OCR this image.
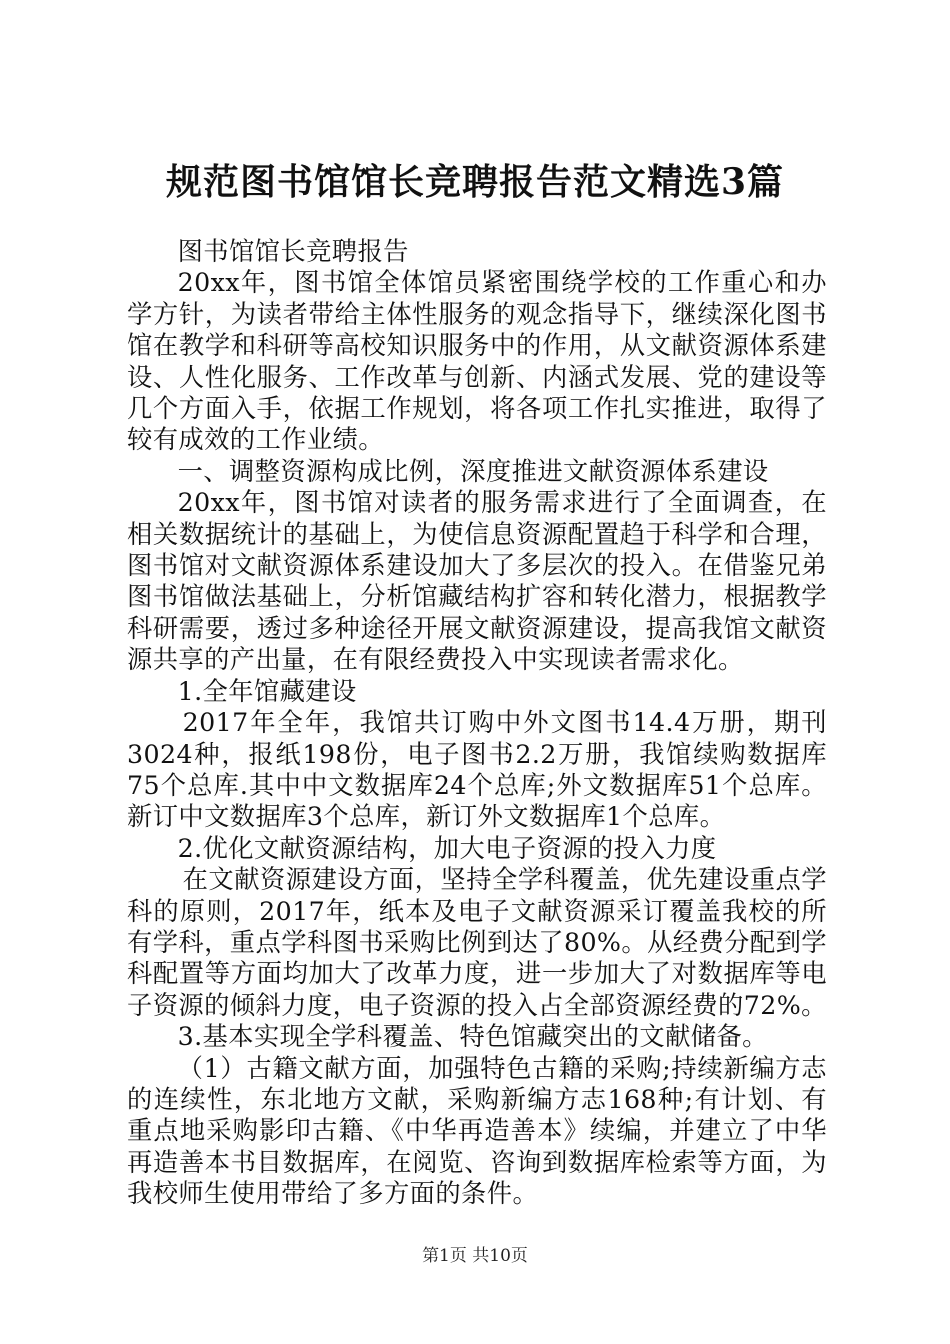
规范图书馆馆长竞聘报告范文精选3篇

图书馆馆长竞聘报告

20xx年，图书馆全体馆员紧密围绕学校的工作重心和办学方针，为读者带给主体性服务的观念指导下，继续深化图书馆在教学和科研等高校知识服务中的作用，从文献资源体系建设、人性化服务、工作改革与创新、内涵式发展、党的建设等几个方面入手，依据工作规划，将各项工作扎实推进，取得了较有成效的工作业绩。

一、调整资源构成比例，深度推进文献资源体系建设

20xx年，图书馆对读者的服务需求进行了全面调查，在相关数据统计的基础上，为使信息资源配置趋于科学和合理，图书馆对文献资源体系建设加大了多层次的投入。在借鉴兄弟图书馆做法基础上，分析馆藏结构扩容和转化潜力，根据教学科研需要，透过多种途径开展文献资源建设，提高我馆文献资源共享的产出量，在有限经费投入中实现读者需求化。

1.全年馆藏建设

2017年全年，我馆共订购中外文图书14.4万册，期刊3024种，报纸198份，电子图书2.2万册，我馆续购数据库75个总库.其中中文数据库24个总库;外文数据库51个总库。新订中文数据库3个总库，新订外文数据库1个总库。

2.优化文献资源结构，加大电子资源的投入力度

在文献资源建设方面，坚持全学科覆盖，优先建设重点学科的原则，2017年，纸本及电子文献资源采订覆盖我校的所有学科，重点学科图书采购比例到达了80%。从经费分配到学科配置等方面均加大了改革力度，进一步加大了对数据库等电子资源的倾斜力度，电子资源的投入占全部资源经费的72%。

3.基本实现全学科覆盖、特色馆藏突出的文献储备。

（1）古籍文献方面，加强特色古籍的采购;持续新编方志的连续性，东北地方文献，采购新编方志168种;有计划、有重点地采购影印古籍、《中华再造善本》续编，并建立了中华再造善本书目数据库，在阅览、咨询到数据库检索等方面，为我校师生使用带给了多方面的条件。

第1页 共10页
